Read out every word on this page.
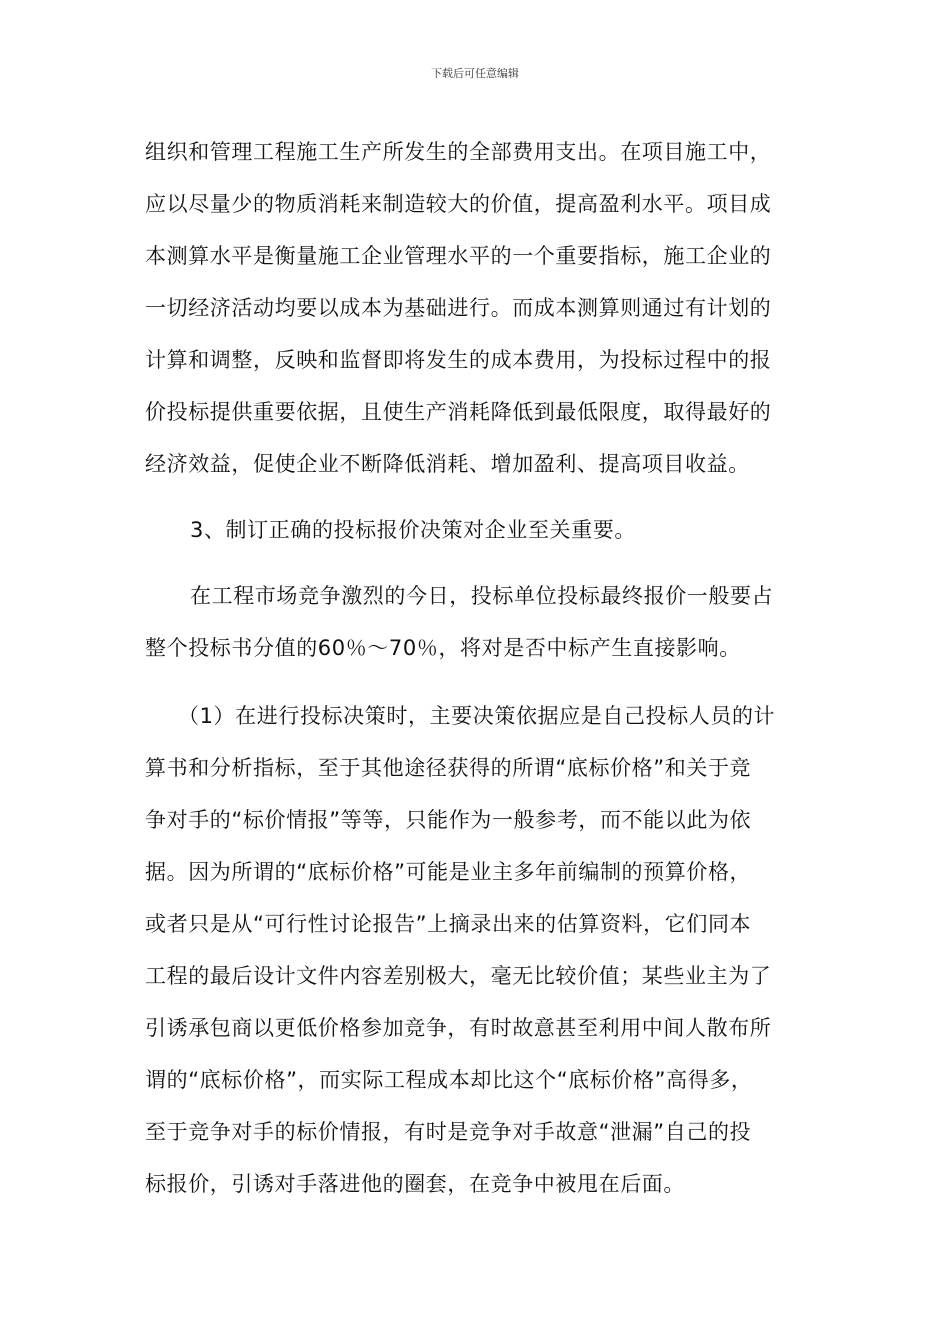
下载后可任意编辑
组织和管理工程施工生产所发生的全部费用支出。在项目施工中，
应以尽量少的物质消耗来制造较大的价值，提高盈利水平。项目成
本测算水平是衡量施工企业管理水平的一个重要指标，施工企业的
一切经济活动均要以成本为基础进行。而成本测算则通过有计划的
计算和调整，反映和监督即将发生的成本费用，为投标过程中的报
价投标提供重要依据，且使生产消耗降低到最低限度，取得最好的
经济效益，促使企业不断降低消耗、增加盈利、提高项目收益。
3、制订正确的投标报价决策对企业至关重要。
在工程市场竞争激烈的今日，投标单位投标最终报价一般要占
整个投标书分值的60％～70％，将对是否中标产生直接影响。
（1）在进行投标决策时，主要决策依据应是自己投标人员的计
算书和分析指标，至于其他途径获得的所谓“底标价格”和关于竞
争对手的“标价情报”等等，只能作为一般参考，而不能以此为依
据。因为所谓的“底标价格”可能是业主多年前编制的预算价格，
或者只是从“可行性讨论报告”上摘录出来的估算资料，它们同本
工程的最后设计文件内容差别极大，毫无比较价值；某些业主为了
引诱承包商以更低价格参加竞争，有时故意甚至利用中间人散布所
谓的“底标价格”，而实际工程成本却比这个“底标价格”高得多，
至于竞争对手的标价情报，有时是竞争对手故意“泄漏”自己的投
标报价，引诱对手落进他的圈套，在竞争中被甩在后面。
